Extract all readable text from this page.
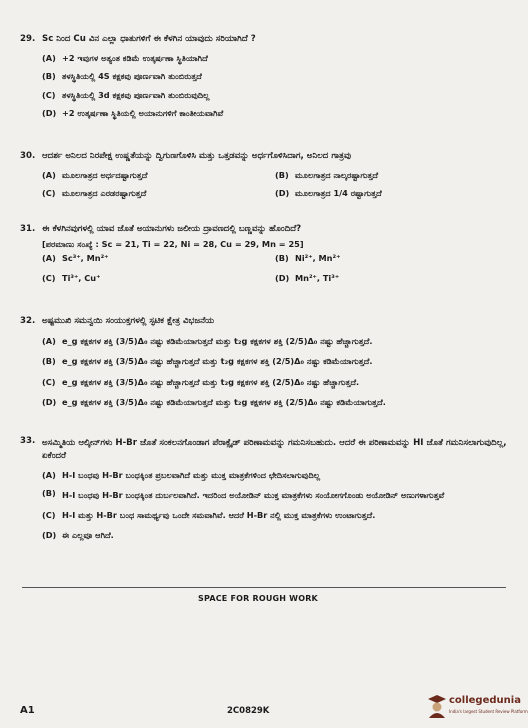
29. Sc ನಿಂದ Cu ವಿನ ಎಲ್ಲಾ ಧಾತುಗಳಿಗೆ ಈ ಕೆಳಗಿನ ಯಾವುದು ಸರಿಯಾಗಿದೆ ?
(A) +2 ಇವುಗಳ ಅತ್ಯಂತ ಕಡಿಮೆ ಉತ್ಕರ್ಷಣಾ ಸ್ಥಿತಿಯಾಗಿದೆ
(B) ತಳಸ್ಥಿತಿಯಲ್ಲಿ 4S ಕಕ್ಷಕವು ಪೂರ್ಣವಾಗಿ ತುಂಬಿರುತ್ತದೆ
(C) ತಳಸ್ಥಿತಿಯಲ್ಲಿ 3d ಕಕ್ಷಕವು ಪೂರ್ಣವಾಗಿ ತುಂಬಿರುವುದಿಲ್ಲ
(D) +2 ಉತ್ಕರ್ಷಣಾ ಸ್ಥಿತಿಯಲ್ಲಿ ಅಯಾನುಗಳಿಗೆ ಕಾಂತೀಯವಾಗಿವೆ
30. ಆದರ್ಶ ಅನಿಲದ ನಿರಪೇಕ್ಷ ಉಷ್ಣತೆಯನ್ನು ದ್ವಿಗುಣಗೊಳಿಸಿ ಮತ್ತು ಒತ್ತಡವನ್ನು ಅರ್ಧಗೊಳಿಸಿದಾಗ, ಅನಿಲದ ಗಾತ್ರವು
(A) ಮೂಲಗಾತ್ರದ ಅರ್ಧದಷ್ಟಾಗುತ್ತದೆ	(B) ಮೂಲಗಾತ್ರದ ನಾಲ್ಕರಷ್ಟಾಗುತ್ತದೆ
(C) ಮೂಲಗಾತ್ರದ ಎರಡರಷ್ಟಾಗುತ್ತದೆ	(D) ಮೂಲಗಾತ್ರದ 1/4 ರಷ್ಟಾಗುತ್ತದೆ
31. ಈ ಕೆಳಗಿನವುಗಳಲ್ಲಿ ಯಾವ ಜೊತೆ ಅಯಾನುಗಳು ಜಲೀಯ ದ್ರಾವಣದಲ್ಲಿ ಬಣ್ಣವನ್ನು ಹೊಂದಿದೆ?
[ಪರಮಾಣು ಸಂಖ್ಯೆ : Sc = 21, Ti = 22, Ni = 28, Cu = 29, Mn = 25]
(A) Sc³⁺, Mn²⁺	(B) Ni²⁺, Mn²⁺
(C) Ti³⁺, Cu⁺	(D) Mn²⁺, Ti³⁺
32. ಅಷ್ಟಮುಖಿ ಸಮನ್ವಯಿ ಸಂಯುಕ್ತಗಳಲ್ಲಿ ಸ್ಫಟಿಕ ಕ್ಷೇತ್ರ ವಿಭಜನೆಯ
(A) e_g ಕಕ್ಷಕಗಳ ಶಕ್ತಿ (3/5)Δ₀ ನಷ್ಟು ಕಡಿಮೆಯಾಗುತ್ತದೆ ಮತ್ತು t₂g ಕಕ್ಷಕಗಳ ಶಕ್ತಿ (2/5)Δ₀ ನಷ್ಟು ಹೆಚ್ಚಾಗುತ್ತದೆ.
(B) e_g ಕಕ್ಷಕಗಳ ಶಕ್ತಿ (3/5)Δ₀ ನಷ್ಟು ಹೆಚ್ಚಾಗುತ್ತದೆ ಮತ್ತು t₂g ಕಕ್ಷಕಗಳ ಶಕ್ತಿ (2/5)Δ₀ ನಷ್ಟು ಕಡಿಮೆಯಾಗುತ್ತದೆ.
(C) e_g ಕಕ್ಷಕಗಳ ಶಕ್ತಿ (3/5)Δ₀ ನಷ್ಟು ಹೆಚ್ಚಾಗುತ್ತದೆ ಮತ್ತು t₂g ಕಕ್ಷಕಗಳ ಶಕ್ತಿ (2/5)Δ₀ ನಷ್ಟು ಹೆಚ್ಚಾಗುತ್ತದೆ.
(D) e_g ಕಕ್ಷಕಗಳ ಶಕ್ತಿ (3/5)Δ₀ ನಷ್ಟು ಕಡಿಮೆಯಾಗುತ್ತದೆ ಮತ್ತು t₂g ಕಕ್ಷಕಗಳ ಶಕ್ತಿ (2/5)Δ₀ ನಷ್ಟು ಕಡಿಮೆಯಾಗುತ್ತದೆ.
33. ಅಸಮ್ಮಿತಿಯ ಆಲ್ಕೀನ್‌ಗಳು H-Br ಜೊತೆ ಸಂಕಲನಗೊಂಡಾಗ ಪೆರಾಕ್ಸೈಡ್ ಪರಿಣಾಮವನ್ನು ಗಮನಿಸಬಹುದು. ಆದರೆ ಈ ಪರಿಣಾಮವನ್ನು HI ಜೊತೆ ಗಮನಿಸಲಾಗುವುದಿಲ್ಲ, ಏಕೆಂದರೆ
(A) H-I ಬಂಧವು H-Br ಬಂಧಕ್ಕಿಂತ ಪ್ರಬಲವಾಗಿದೆ ಮತ್ತು ಮುಕ್ತ ಮಾತ್ರಕೆಗಳಿಂದ ಛೇದಿಸಲಾಗುವುದಿಲ್ಲ
(B) H-I ಬಂಧವು H-Br ಬಂಧಕ್ಕಿಂತ ದುರ್ಬಲವಾಗಿದೆ. ಇದರಿಂದ ಅಯೋಡಿನ್ ಮುಕ್ತ ಮಾತ್ರಕೆಗಳು ಸಂಯೋಗಗೊಂಡು ಅಯೋಡಿನ್ ಅಣುಗಳಾಗುತ್ತವೆ
(C) H-I ಮತ್ತು H-Br ಬಂಧ ಸಾಮರ್ಥ್ಯವು ಒಂದೇ ಸಮವಾಗಿವೆ. ಆದರೆ H-Br ನಲ್ಲಿ ಮುಕ್ತ ಮಾತ್ರಕೆಗಳು ಉಂಟಾಗುತ್ತದೆ.
(D) ಈ ಎಲ್ಲವೂ ಆಗಿದೆ.
SPACE FOR ROUGH WORK
A1	2C0829K
collegedunia
India's largest Student Review Platform
